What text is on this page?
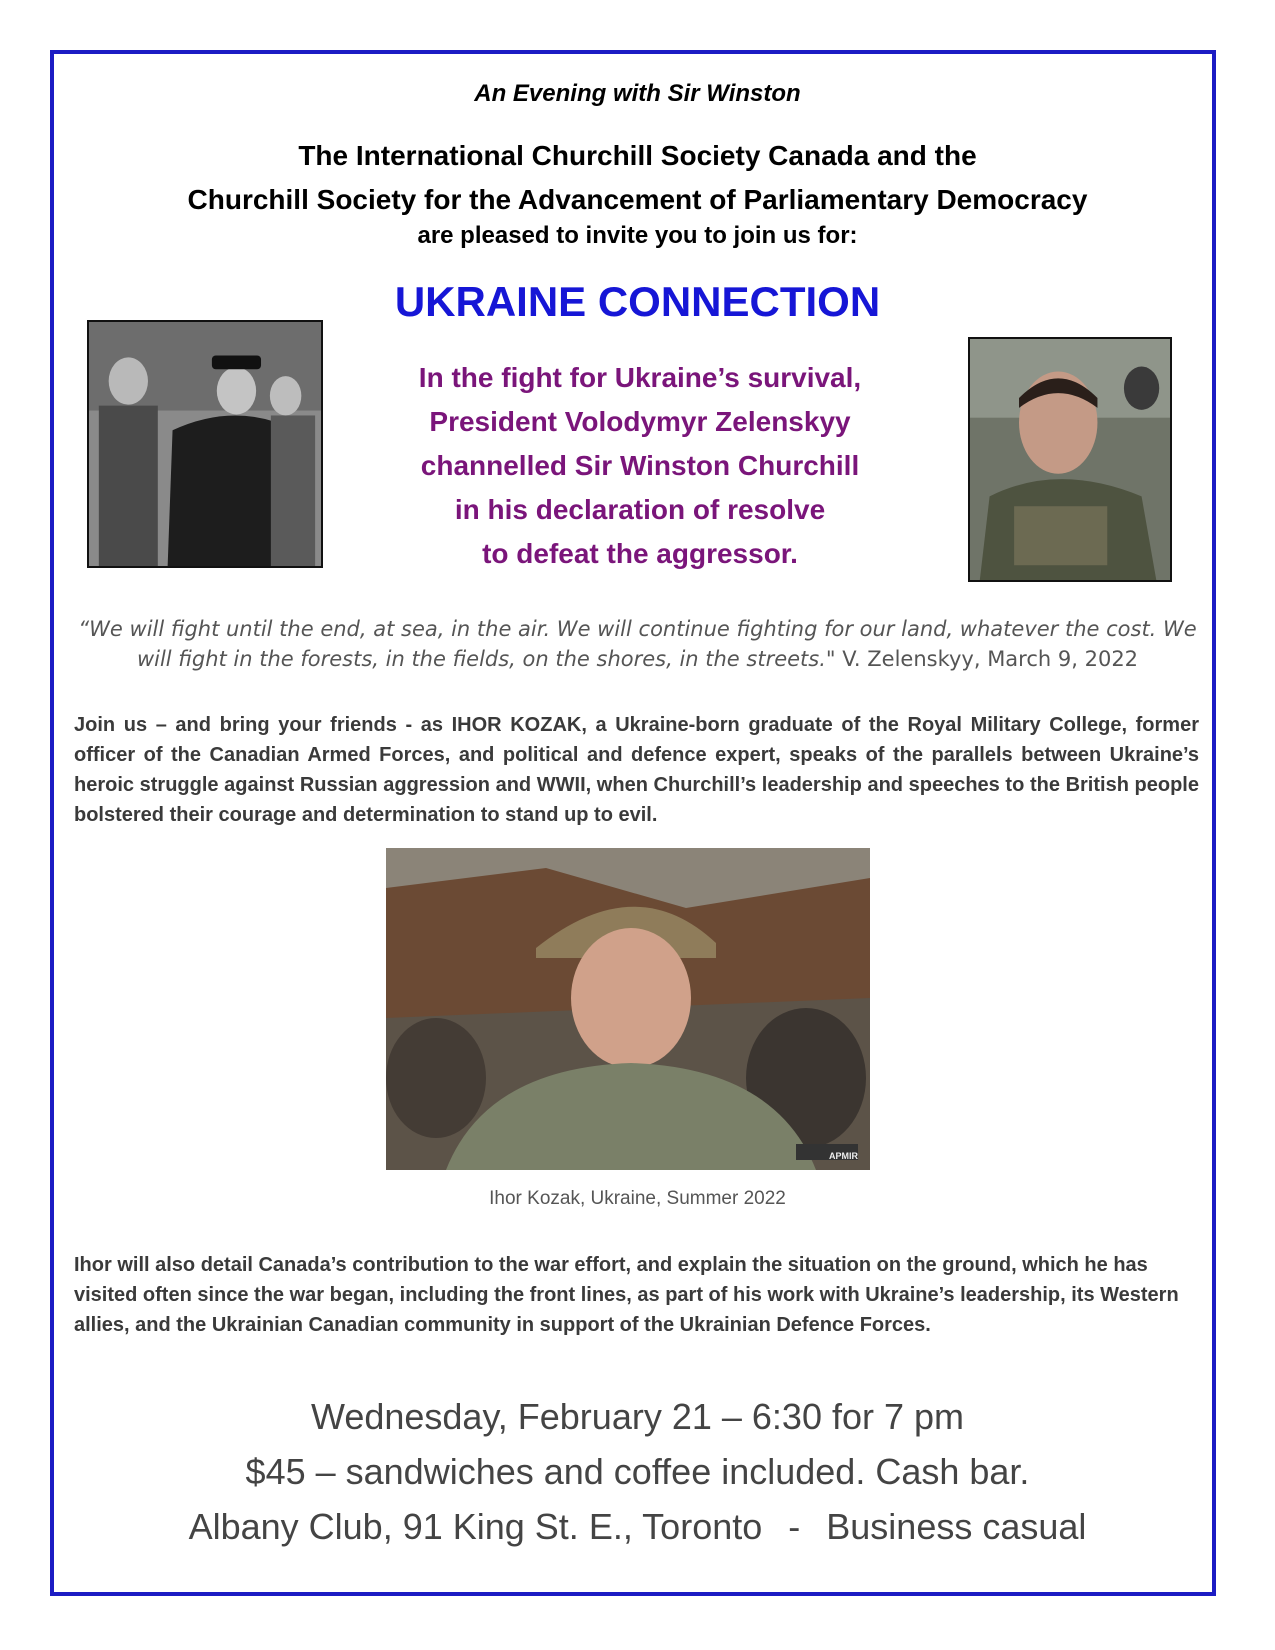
An Evening with Sir Winston
The International Churchill Society Canada and the
Churchill Society for the Advancement of Parliamentary Democracy
are pleased to invite you to join us for:
UKRAINE CONNECTION
In the fight for Ukraine’s survival,
President Volodymyr Zelenskyy
channelled Sir Winston Churchill
in his declaration of resolve
to defeat the aggressor.
“We will fight until the end, at sea, in the air. We will continue fighting for our land, whatever the cost. We will fight in the forests, in the fields, on the shores, in the streets." V. Zelenskyy, March 9, 2022
Join us – and bring your friends - as IHOR KOZAK, a Ukraine-born graduate of the Royal Military College, former officer of the Canadian Armed Forces, and political and defence expert, speaks of the parallels between Ukraine’s heroic struggle against Russian aggression and WWII, when Churchill’s leadership and speeches to the British people bolstered their courage and determination to stand up to evil.
APMIR
Ihor Kozak, Ukraine, Summer 2022
Ihor will also detail Canada’s contribution to the war effort, and explain the situation on the ground, which he has visited often since the war began, including the front lines, as part of his work with Ukraine’s leadership, its Western allies, and the Ukrainian Canadian community in support of the Ukrainian Defence Forces.
Wednesday, February 21 – 6:30 for 7 pm
$45 – sandwiches and coffee included. Cash bar.
Albany Club, 91 King St. E., Toronto - Business casual
